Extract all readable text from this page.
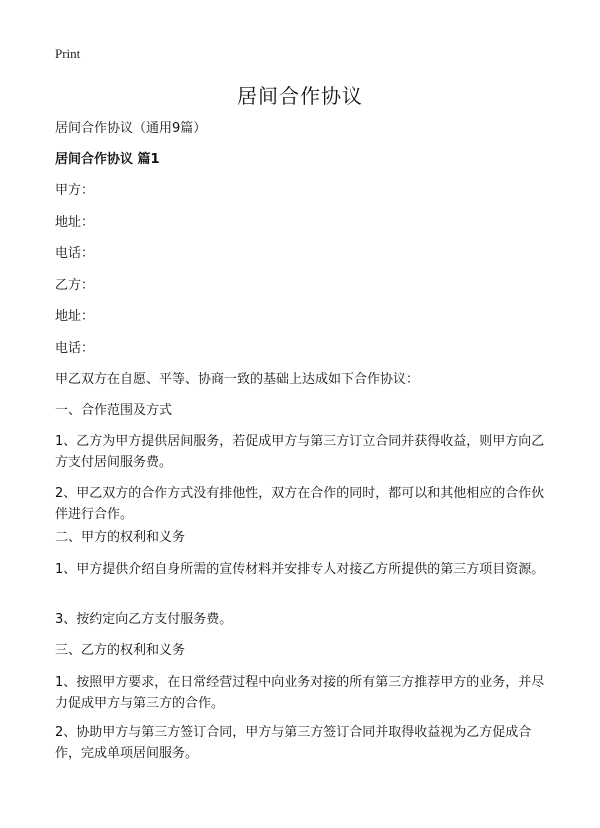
Print
居间合作协议

居间合作协议（通用9篇）

居间合作协议 篇1

甲方：

地址：

电话：

乙方：

地址：

电话：

甲乙双方在自愿、平等、协商一致的基础上达成如下合作协议：

一、合作范围及方式

1、乙方为甲方提供居间服务，若促成甲方与第三方订立合同并获得收益，则甲方向乙方支付居间服务费。

2、甲乙双方的合作方式没有排他性，双方在合作的同时，都可以和其他相应的合作伙伴进行合作。

二、甲方的权利和义务

1、甲方提供介绍自身所需的宣传材料并安排专人对接乙方所提供的第三方项目资源。

3、按约定向乙方支付服务费。

三、乙方的权利和义务

1、按照甲方要求，在日常经营过程中向业务对接的所有第三方推荐甲方的业务，并尽力促成甲方与第三方的合作。

2、协助甲方与第三方签订合同，甲方与第三方签订合同并取得收益视为乙方促成合作，完成单项居间服务。
